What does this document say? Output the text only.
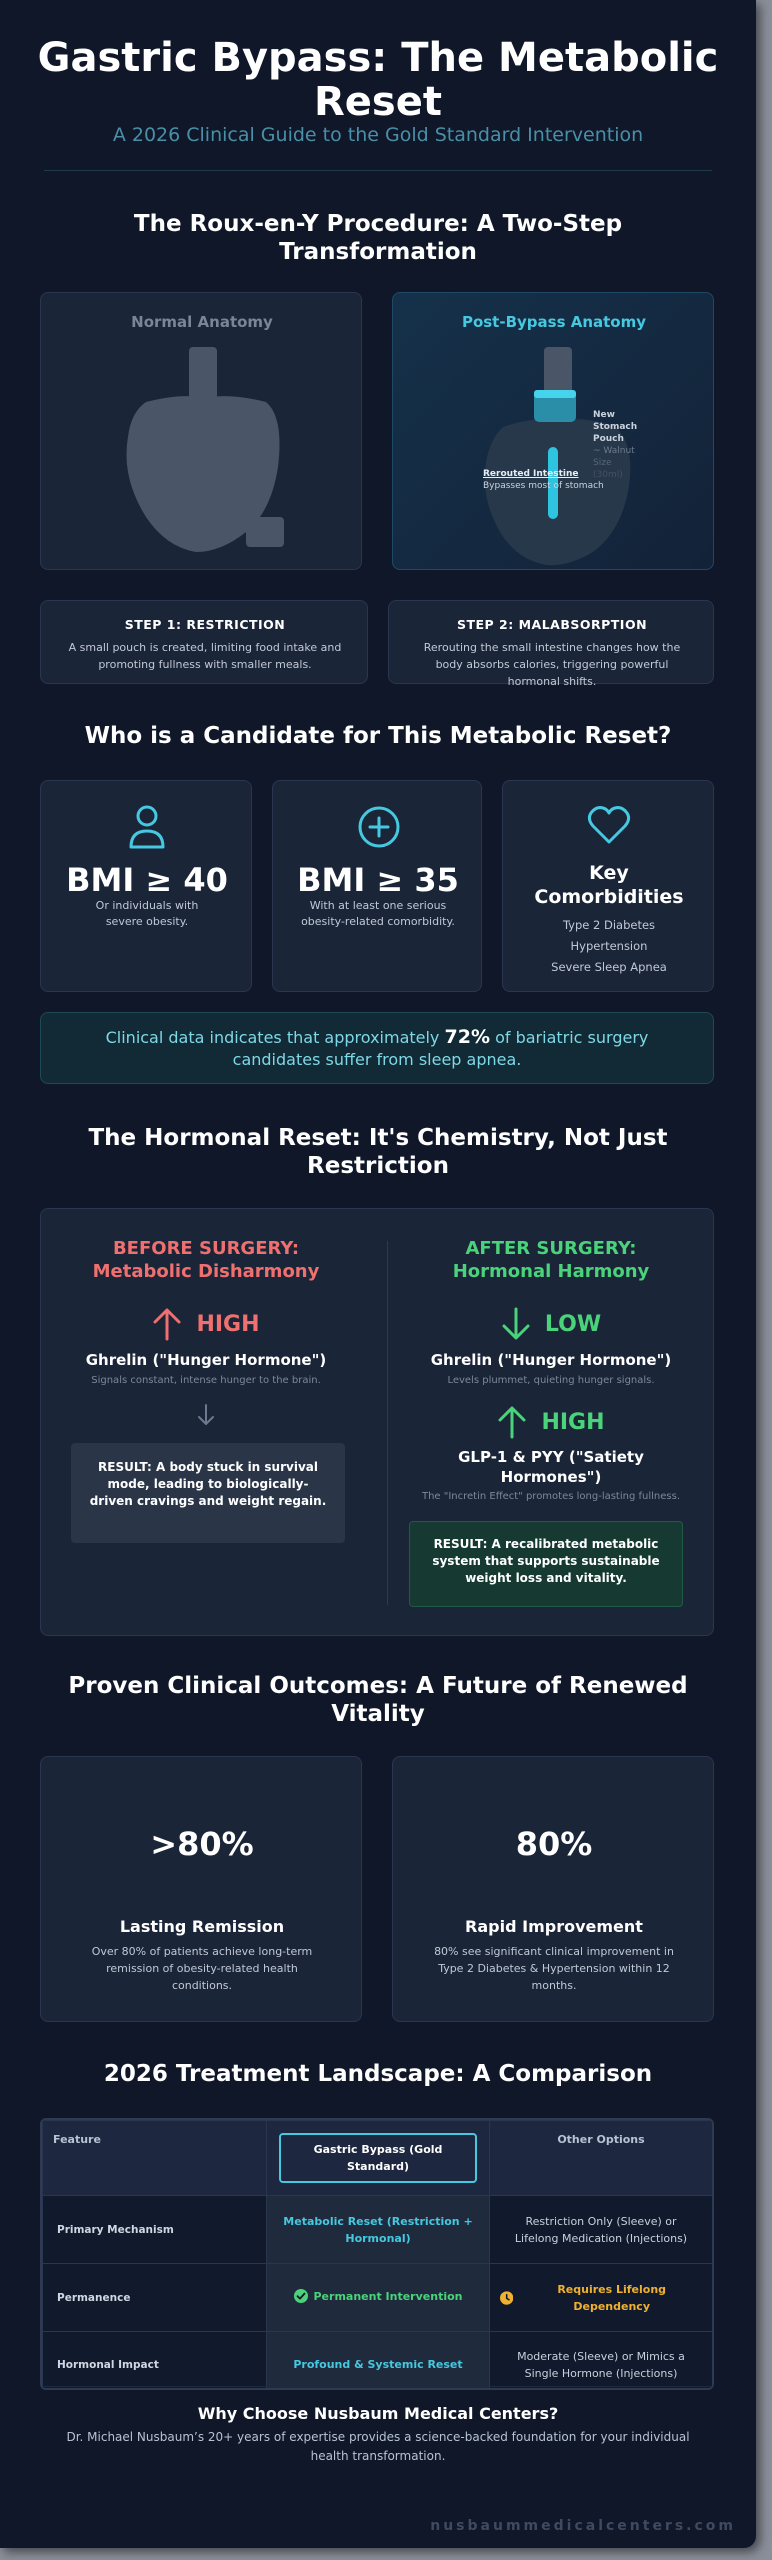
Gastric Bypass: The Metabolic
Reset
A 2026 Clinical Guide to the Gold Standard Intervention
The Roux-en-Y Procedure: A Two-Step
Transformation
Normal Anatomy	Post-Bypass Anatomy
New
Stomach
Pouch
~ Walnut
Size
(30ml)
Rerouted Intestine
Bypasses most of stomach
STEP 1: RESTRICTION
A small pouch is created, limiting food intake and promoting fullness with smaller meals.
STEP 2: MALABSORPTION
Rerouting the small intestine changes how the body absorbs calories, triggering powerful hormonal shifts.
Who is a Candidate for This Metabolic Reset?
BMI ≥ 40
Or individuals with severe obesity.
BMI ≥ 35
With at least one serious obesity-related comorbidity.
Key
Comorbidities
Type 2 Diabetes
Hypertension
Severe Sleep Apnea
Clinical data indicates that approximately 72% of bariatric surgery candidates suffer from sleep apnea.
The Hormonal Reset: It's Chemistry, Not Just
Restriction
BEFORE SURGERY:
Metabolic Disharmony
HIGH
Ghrelin ("Hunger Hormone")
Signals constant, intense hunger to the brain.
RESULT: A body stuck in survival mode, leading to biologically-driven cravings and weight regain.
AFTER SURGERY:
Hormonal Harmony
LOW
Ghrelin ("Hunger Hormone")
Levels plummet, quieting hunger signals.
HIGH
GLP-1 & PYY ("Satiety
Hormones")
The "Incretin Effect" promotes long-lasting fullness.
RESULT: A recalibrated metabolic system that supports sustainable weight loss and vitality.
Proven Clinical Outcomes: A Future of Renewed
Vitality
>80%
Lasting Remission
Over 80% of patients achieve long-term remission of obesity-related health conditions.
80%
Rapid Improvement
80% see significant clinical improvement in Type 2 Diabetes & Hypertension within 12 months.
2026 Treatment Landscape: A Comparison
Feature	Gastric Bypass (Gold Standard)	Other Options
Primary Mechanism	Metabolic Reset (Restriction + Hormonal)	Restriction Only (Sleeve) or Lifelong Medication (Injections)
Permanence	Permanent Intervention	Requires Lifelong Dependency

Hormonal Impact	Profound & Systemic Reset	Moderate (Sleeve) or Mimics a Single Hormone (Injections)
Why Choose Nusbaum Medical Centers?
Dr. Michael Nusbaum’s 20+ years of expertise provides a science-backed foundation for your individual health transformation.
nusbaummedicalcenters.com
